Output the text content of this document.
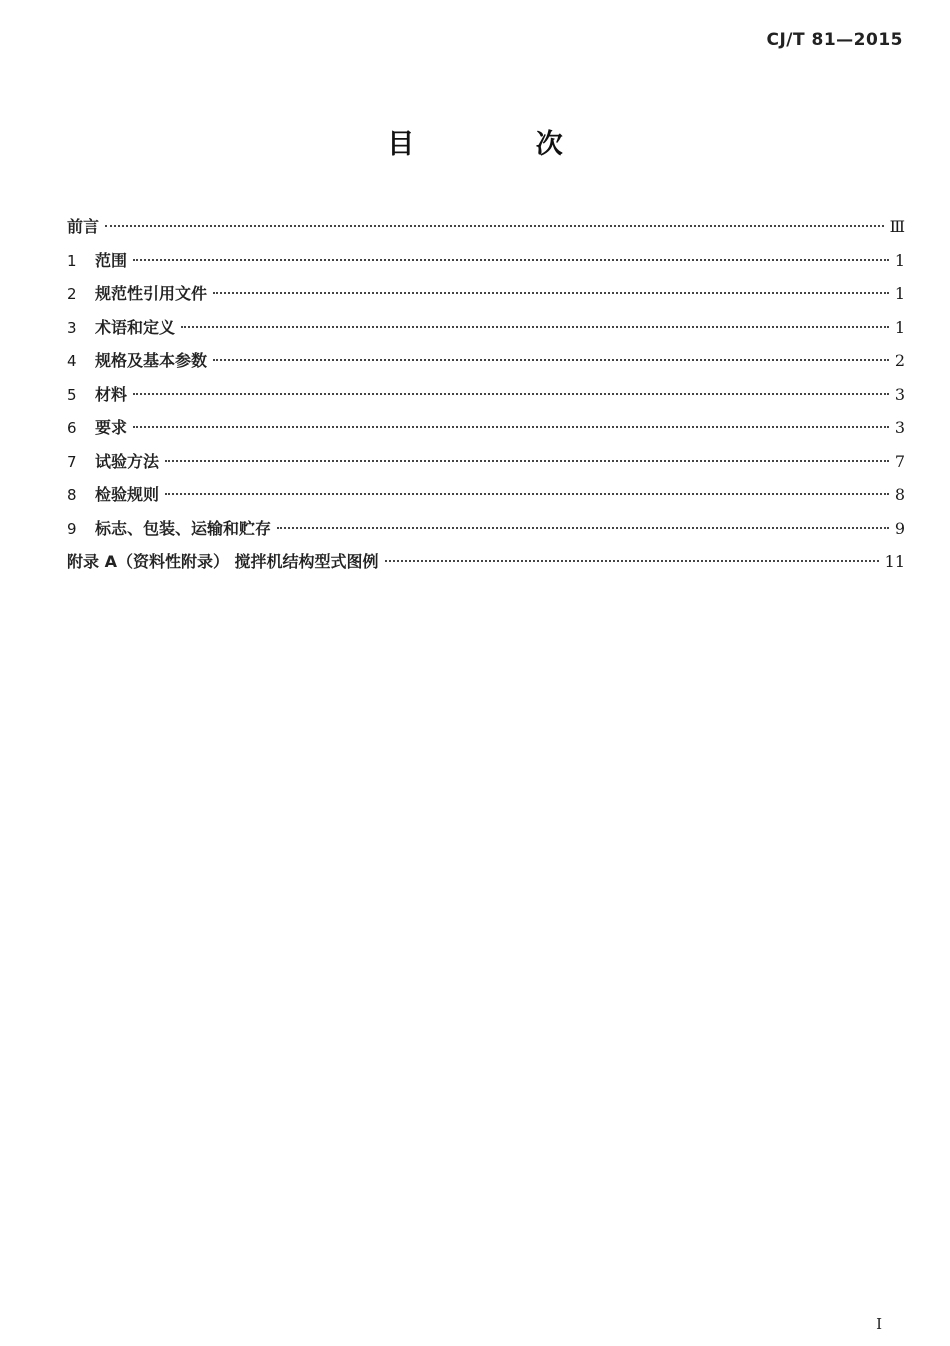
CJ/T 81—2015
目 次
前言	Ⅲ
1	范围	1
2	规范性引用文件	1
3	术语和定义	1
4	规格及基本参数	2
5	材料	3
6	要求	3
7	试验方法	7
8	检验规则	8
9	标志、包装、运输和贮存	9
附录 A（资料性附录） 搅拌机结构型式图例	11
I
